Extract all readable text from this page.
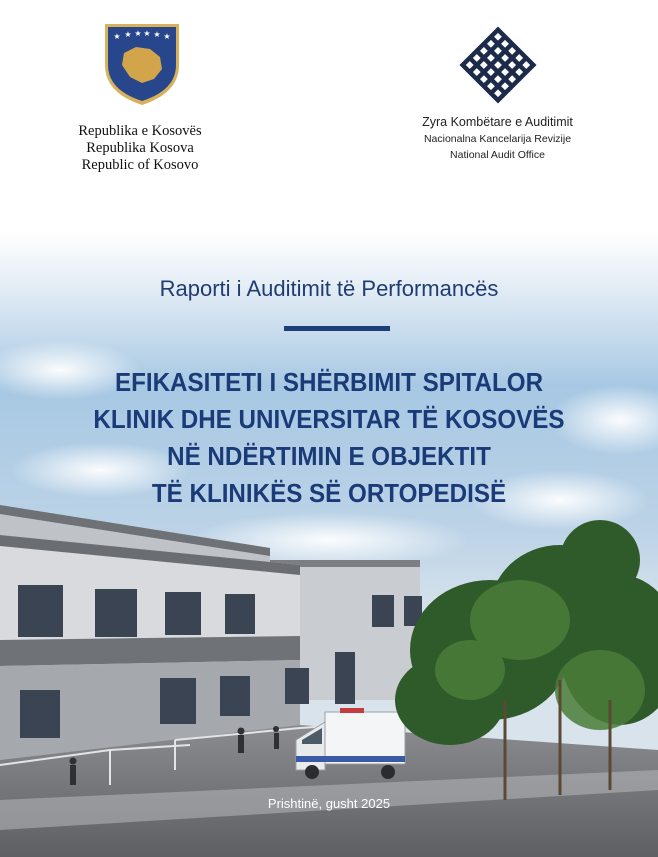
★ ★ ★ ★ ★ ★
Republika e Kosovës
Republika Kosova
Republic of Kosovo
Zyra Kombëtare e Auditimit
Nacionalna Kancelarija Revizije
National Audit Office
Raporti i Auditimit të Performancës
EFIKASITETI I SHËRBIMIT SPITALOR
KLINIK DHE UNIVERSITAR TË KOSOVËS
NË NDËRTIMIN E OBJEKTIT
TË KLINIKËS SË ORTOPEDISË
Prishtinë, gusht 2025
